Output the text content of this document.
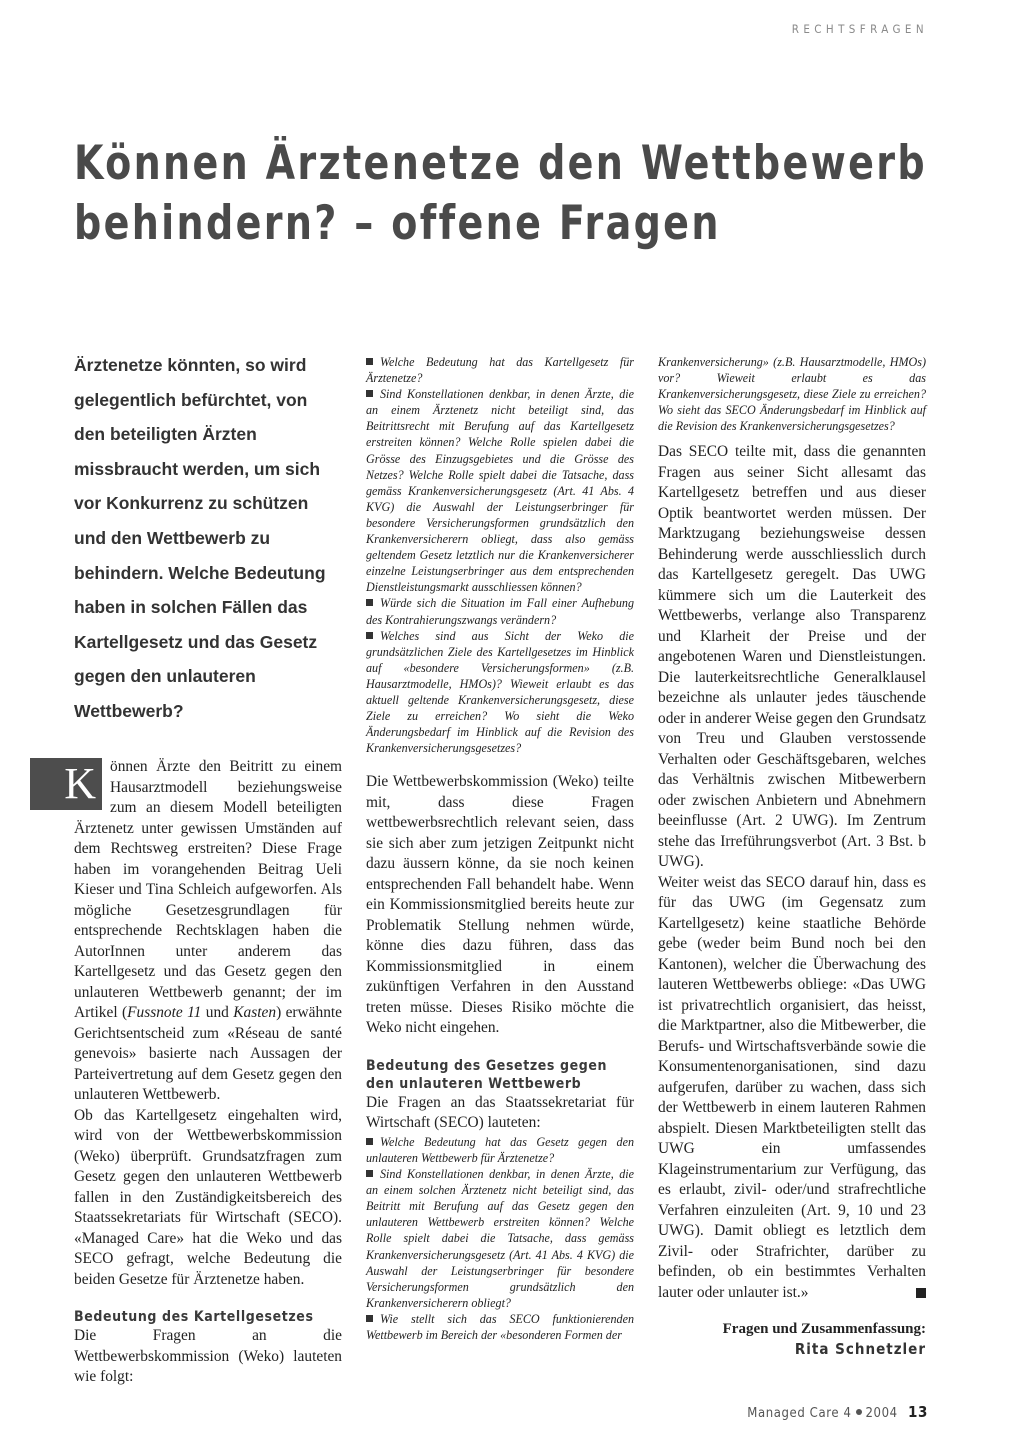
RECHTSFRAGEN
Können Ärztenetze den Wettbewerb
behindern? – offene Fragen

Ärztenetze könnten, so wird gelegentlich befürchtet, von den beteiligten Ärzten missbraucht werden, um sich vor Konkurrenz zu schützen und den Wettbewerb zu behindern. Welche Bedeutung haben in solchen Fällen das Kartellgesetz und das Gesetz gegen den unlauteren Wettbewerb?

K önnen Ärzte den Beitritt zu einem Hausarztmodell beziehungsweise zum an diesem Modell beteiligten Ärztenetz unter gewissen Umständen auf dem Rechtsweg erstreiten? Diese Frage haben im vorangehenden Beitrag Ueli Kieser und Tina Schleich aufgeworfen. Als mögliche Gesetzesgrundlagen für entsprechende Rechtsklagen haben die AutorInnen unter anderem das Kartellgesetz und das Gesetz gegen den unlauteren Wettbewerb genannt; der im Artikel (Fussnote 11 und Kasten) erwähnte Gerichtsentscheid zum «Réseau de santé genevois» basierte nach Aussagen der Parteivertretung auf dem Gesetz gegen den unlauteren Wettbewerb.

Ob das Kartellgesetz eingehalten wird, wird von der Wettbewerbskommission (Weko) überprüft. Grundsatzfragen zum Gesetz gegen den unlauteren Wettbewerb fallen in den Zuständigkeitsbereich des Staatssekretariats für Wirtschaft (SECO). «Managed Care» hat die Weko und das SECO gefragt, welche Bedeutung die beiden Gesetze für Ärztenetze haben.

Bedeutung des Kartellgesetzes

Die Fragen an die Wettbewerbskommission (Weko) lauteten wie folgt:

Welche Bedeutung hat das Kartellgesetz für Ärztenetze?

Sind Konstellationen denkbar, in denen Ärzte, die an einem Ärztenetz nicht beteiligt sind, das Beitrittsrecht mit Berufung auf das Kartellgesetz erstreiten können? Welche Rolle spielen dabei die Grösse des Einzugsgebietes und die Grösse des Netzes? Welche Rolle spielt dabei die Tatsache, dass gemäss Krankenversicherungsgesetz (Art. 41 Abs. 4 KVG) die Auswahl der Leistungserbringer für besondere Versicherungsformen grundsätzlich den Krankenversicherern obliegt, dass also gemäss geltendem Gesetz letztlich nur die Krankenversicherer einzelne Leistungserbringer aus dem entsprechenden Dienstleistungsmarkt ausschliessen können?

Würde sich die Situation im Fall einer Aufhebung des Kontrahierungszwangs verändern?

Welches sind aus Sicht der Weko die grundsätzlichen Ziele des Kartellgesetzes im Hinblick auf «besondere Versicherungsformen» (z.B. Hausarztmodelle, HMOs)? Wieweit erlaubt es das aktuell geltende Krankenversicherungsgesetz, diese Ziele zu erreichen? Wo sieht die Weko Änderungsbedarf im Hinblick auf die Revision des Krankenversicherungsgesetzes?

Die Wettbewerbskommission (Weko) teilte mit, dass diese Fragen wettbewerbsrechtlich relevant seien, dass sie sich aber zum jetzigen Zeitpunkt nicht dazu äussern könne, da sie noch keinen entsprechenden Fall behandelt habe. Wenn ein Kommissionsmitglied bereits heute zur Problematik Stellung nehmen würde, könne dies dazu führen, dass das Kommissionsmitglied in einem zukünftigen Verfahren in den Ausstand treten müsse. Dieses Risiko möchte die Weko nicht eingehen.

Bedeutung des Gesetzes gegen den unlauteren Wettbewerb

Die Fragen an das Staatssekretariat für Wirtschaft (SECO) lauteten:

Welche Bedeutung hat das Gesetz gegen den unlauteren Wettbewerb für Ärztenetze?

Sind Konstellationen denkbar, in denen Ärzte, die an einem solchen Ärztenetz nicht beteiligt sind, das Beitritt mit Berufung auf das Gesetz gegen den unlauteren Wettbewerb erstreiten können? Welche Rolle spielt dabei die Tatsache, dass gemäss Krankenversicherungsgesetz (Art. 41 Abs. 4 KVG) die Auswahl der Leistungserbringer für besondere Versicherungsformen grundsätzlich den Krankenversicherern obliegt?

Wie stellt sich das SECO funktionierenden Wettbewerb im Bereich der «besonderen Formen der

Krankenversicherung» (z.B. Hausarztmodelle, HMOs) vor? Wieweit erlaubt es das Krankenversicherungsgesetz, diese Ziele zu erreichen? Wo sieht das SECO Änderungsbedarf im Hinblick auf die Revision des Krankenversicherungsgesetzes?

Das SECO teilte mit, dass die genannten Fragen aus seiner Sicht allesamt das Kartellgesetz betreffen und aus dieser Optik beantwortet werden müssen. Der Marktzugang beziehungsweise dessen Behinderung werde ausschliesslich durch das Kartellgesetz geregelt. Das UWG kümmere sich um die Lauterkeit des Wettbewerbs, verlange also Transparenz und Klarheit der Preise und der angebotenen Waren und Dienstleistungen. Die lauterkeitsrechtliche Generalklausel bezeichne als unlauter jedes täuschende oder in anderer Weise gegen den Grundsatz von Treu und Glauben verstossende Verhalten oder Geschäftsgebaren, welches das Verhältnis zwischen Mitbewerbern oder zwischen Anbietern und Abnehmern beeinflusse (Art. 2 UWG). Im Zentrum stehe das Irreführungsverbot (Art. 3 Bst. b UWG).

Weiter weist das SECO darauf hin, dass es für das UWG (im Gegensatz zum Kartellgesetz) keine staatliche Behörde gebe (weder beim Bund noch bei den Kantonen), welcher die Überwachung des lauteren Wettbewerbs obliege: «Das UWG ist privatrechtlich organisiert, das heisst, die Marktpartner, also die Mitbewerber, die Berufs- und Wirtschaftsverbände sowie die Konsumentenorganisationen, sind dazu aufgerufen, darüber zu wachen, dass sich der Wettbewerb in einem lauteren Rahmen abspielt. Diesen Marktbeteiligten stellt das UWG ein umfassendes Klageinstrumentarium zur Verfügung, das es erlaubt, zivil- oder/und strafrechtliche Verfahren einzuleiten (Art. 9, 10 und 23 UWG). Damit obliegt es letztlich dem Zivil- oder Strafrichter, darüber zu befinden, ob ein bestimmtes Verhalten lauter oder unlauter ist.»

Fragen und Zusammenfassung:

Rita Schnetzler

Managed Care 4 2004 13
